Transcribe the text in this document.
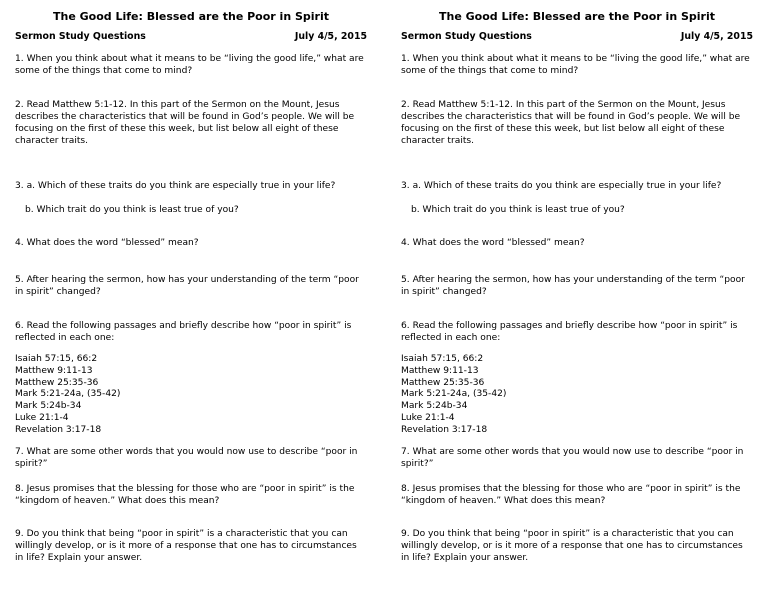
The Good Life: Blessed are the Poor in Spirit
Sermon Study Questions	July 4/5, 2015
1. When you think about what it means to be “living the good life,” what are some of the things that come to mind?
2. Read Matthew 5:1-12. In this part of the Sermon on the Mount, Jesus describes the characteristics that will be found in God’s people. We will be focusing on the first of these this week, but list below all eight of these character traits.
3. a. Which of these traits do you think are especially true in your life?
b. Which trait do you think is least true of you?
4. What does the word “blessed” mean?
5. After hearing the sermon, how has your understanding of the term “poor in spirit” changed?
6. Read the following passages and briefly describe how “poor in spirit” is reflected in each one:
Isaiah 57:15, 66:2
Matthew 9:11-13
Matthew 25:35-36
Mark 5:21-24a, (35-42)
Mark 5:24b-34
Luke 21:1-4
Revelation 3:17-18
7. What are some other words that you would now use to describe “poor in spirit?”
8. Jesus promises that the blessing for those who are “poor in spirit” is the “kingdom of heaven.” What does this mean?
9. Do you think that being “poor in spirit” is a characteristic that you can willingly develop, or is it more of a response that one has to circumstances in life? Explain your answer.
The Good Life: Blessed are the Poor in Spirit
Sermon Study Questions	July 4/5, 2015
1. When you think about what it means to be “living the good life,” what are some of the things that come to mind?
2. Read Matthew 5:1-12. In this part of the Sermon on the Mount, Jesus describes the characteristics that will be found in God’s people. We will be focusing on the first of these this week, but list below all eight of these character traits.
3. a. Which of these traits do you think are especially true in your life?
b. Which trait do you think is least true of you?
4. What does the word “blessed” mean?
5. After hearing the sermon, how has your understanding of the term “poor in spirit” changed?
6. Read the following passages and briefly describe how “poor in spirit” is reflected in each one:
Isaiah 57:15, 66:2
Matthew 9:11-13
Matthew 25:35-36
Mark 5:21-24a, (35-42)
Mark 5:24b-34
Luke 21:1-4
Revelation 3:17-18
7. What are some other words that you would now use to describe “poor in spirit?”
8. Jesus promises that the blessing for those who are “poor in spirit” is the “kingdom of heaven.” What does this mean?
9. Do you think that being “poor in spirit” is a characteristic that you can willingly develop, or is it more of a response that one has to circumstances in life? Explain your answer.
